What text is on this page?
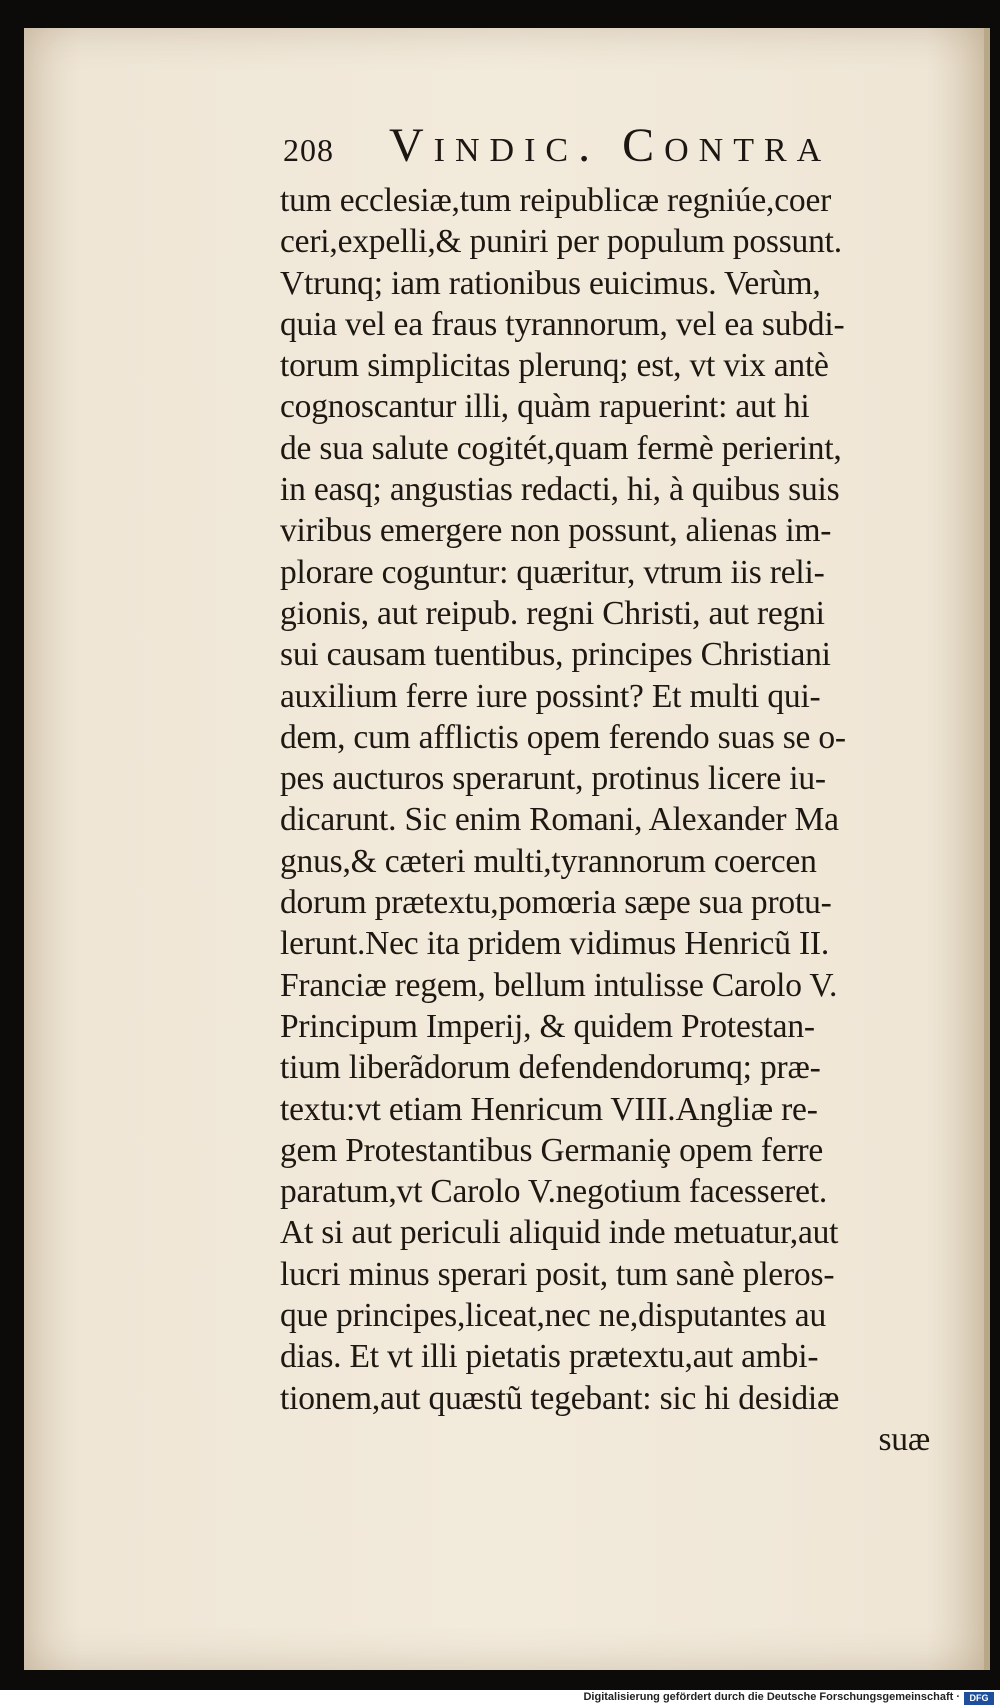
208 Vindic. Contra
tum ecclesiæ,tum reipublicæ regniúe,coer
ceri,expelli,& puniri per populum possunt.
Vtrunq; iam rationibus euicimus. Verùm,
quia vel ea fraus tyrannorum, vel ea subdi-
torum simplicitas plerunq; est, vt vix antè
cognoscantur illi, quàm rapuerint: aut hi
de sua salute cogitét,quam fermè perierint,
in easq; angustias redacti, hi, à quibus suis
viribus emergere non possunt, alienas im-
plorare coguntur: quæritur, vtrum iis reli-
gionis, aut reipub. regni Christi, aut regni
sui causam tuentibus, principes Christiani
auxilium ferre iure possint? Et multi qui-
dem, cum afflictis opem ferendo suas se o-
pes aucturos sperarunt, protinus licere iu-
dicarunt. Sic enim Romani, Alexander Ma
gnus,& cæteri multi,tyrannorum coercen
dorum prætextu,pomœria sæpe sua protu-
lerunt.Nec ita pridem vidimus Henricũ II.
Franciæ regem, bellum intulisse Carolo V.
Principum Imperij, & quidem Protestan-
tium liberãdorum defendendorumq; præ-
textu:vt etiam Henricum VIII.Angliæ re-
gem Protestantibus Germaniȩ opem ferre
paratum,vt Carolo V.negotium facesseret.
At si aut periculi aliquid inde metuatur,aut
lucri minus sperari posit, tum sanè pleros-
que principes,liceat,nec ne,disputantes au
dias. Et vt illi pietatis prætextu,aut ambi-
tionem,aut quæstũ tegebant: sic hi desidiæ
suæ
Digitalisierung gefördert durch die Deutsche Forschungsgemeinschaft ·	DFG
